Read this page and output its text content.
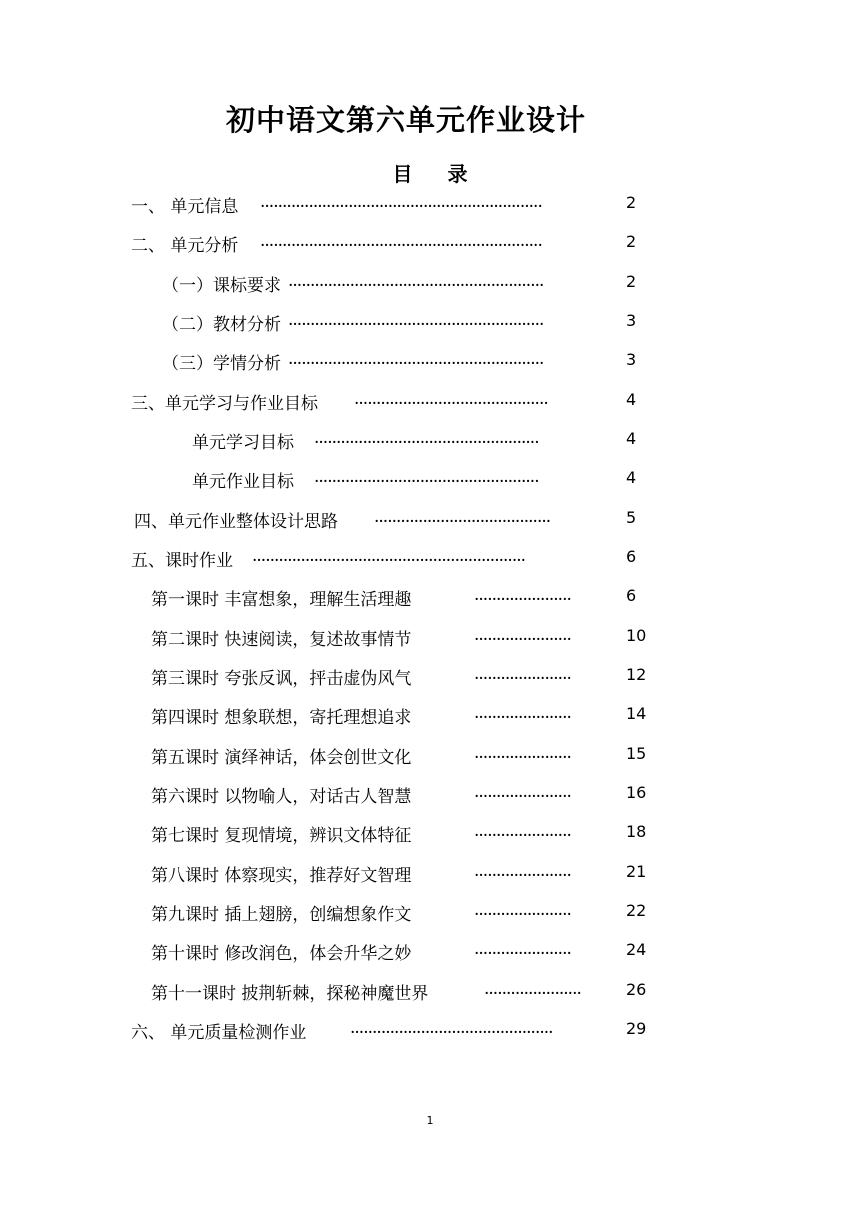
初中语文第六单元作业设计
目 录
一、 单元信息 ································································	2
二、 单元分析 ································································	2
（一）课标要求 ··························································	2
（二）教材分析 ··························································	3
（三）学情分析 ··························································	3
三、单元学习与作业目标 ············································	4
单元学习目标 ···················································	4
单元作业目标 ···················································	4
四、单元作业整体设计思路 ········································	5
五、课时作业 ······························································	6
第一课时 丰富想象，理解生活理趣	······················	6
第二课时 快速阅读，复述故事情节	······················	10
第三课时 夸张反讽，抨击虚伪风气	······················	12
第四课时 想象联想，寄托理想追求	······················	14
第五课时 演绎神话，体会创世文化	······················	15
第六课时 以物喻人，对话古人智慧	······················	16
第七课时 复现情境，辨识文体特征	······················	18
第八课时 体察现实，推荐好文智理	······················	21
第九课时 插上翅膀，创编想象作文	······················	22
第十课时 修改润色，体会升华之妙	······················	24
第十一课时 披荆斩棘，探秘神魔世界	······················	26
六、 单元质量检测作业	··············································	29
1
